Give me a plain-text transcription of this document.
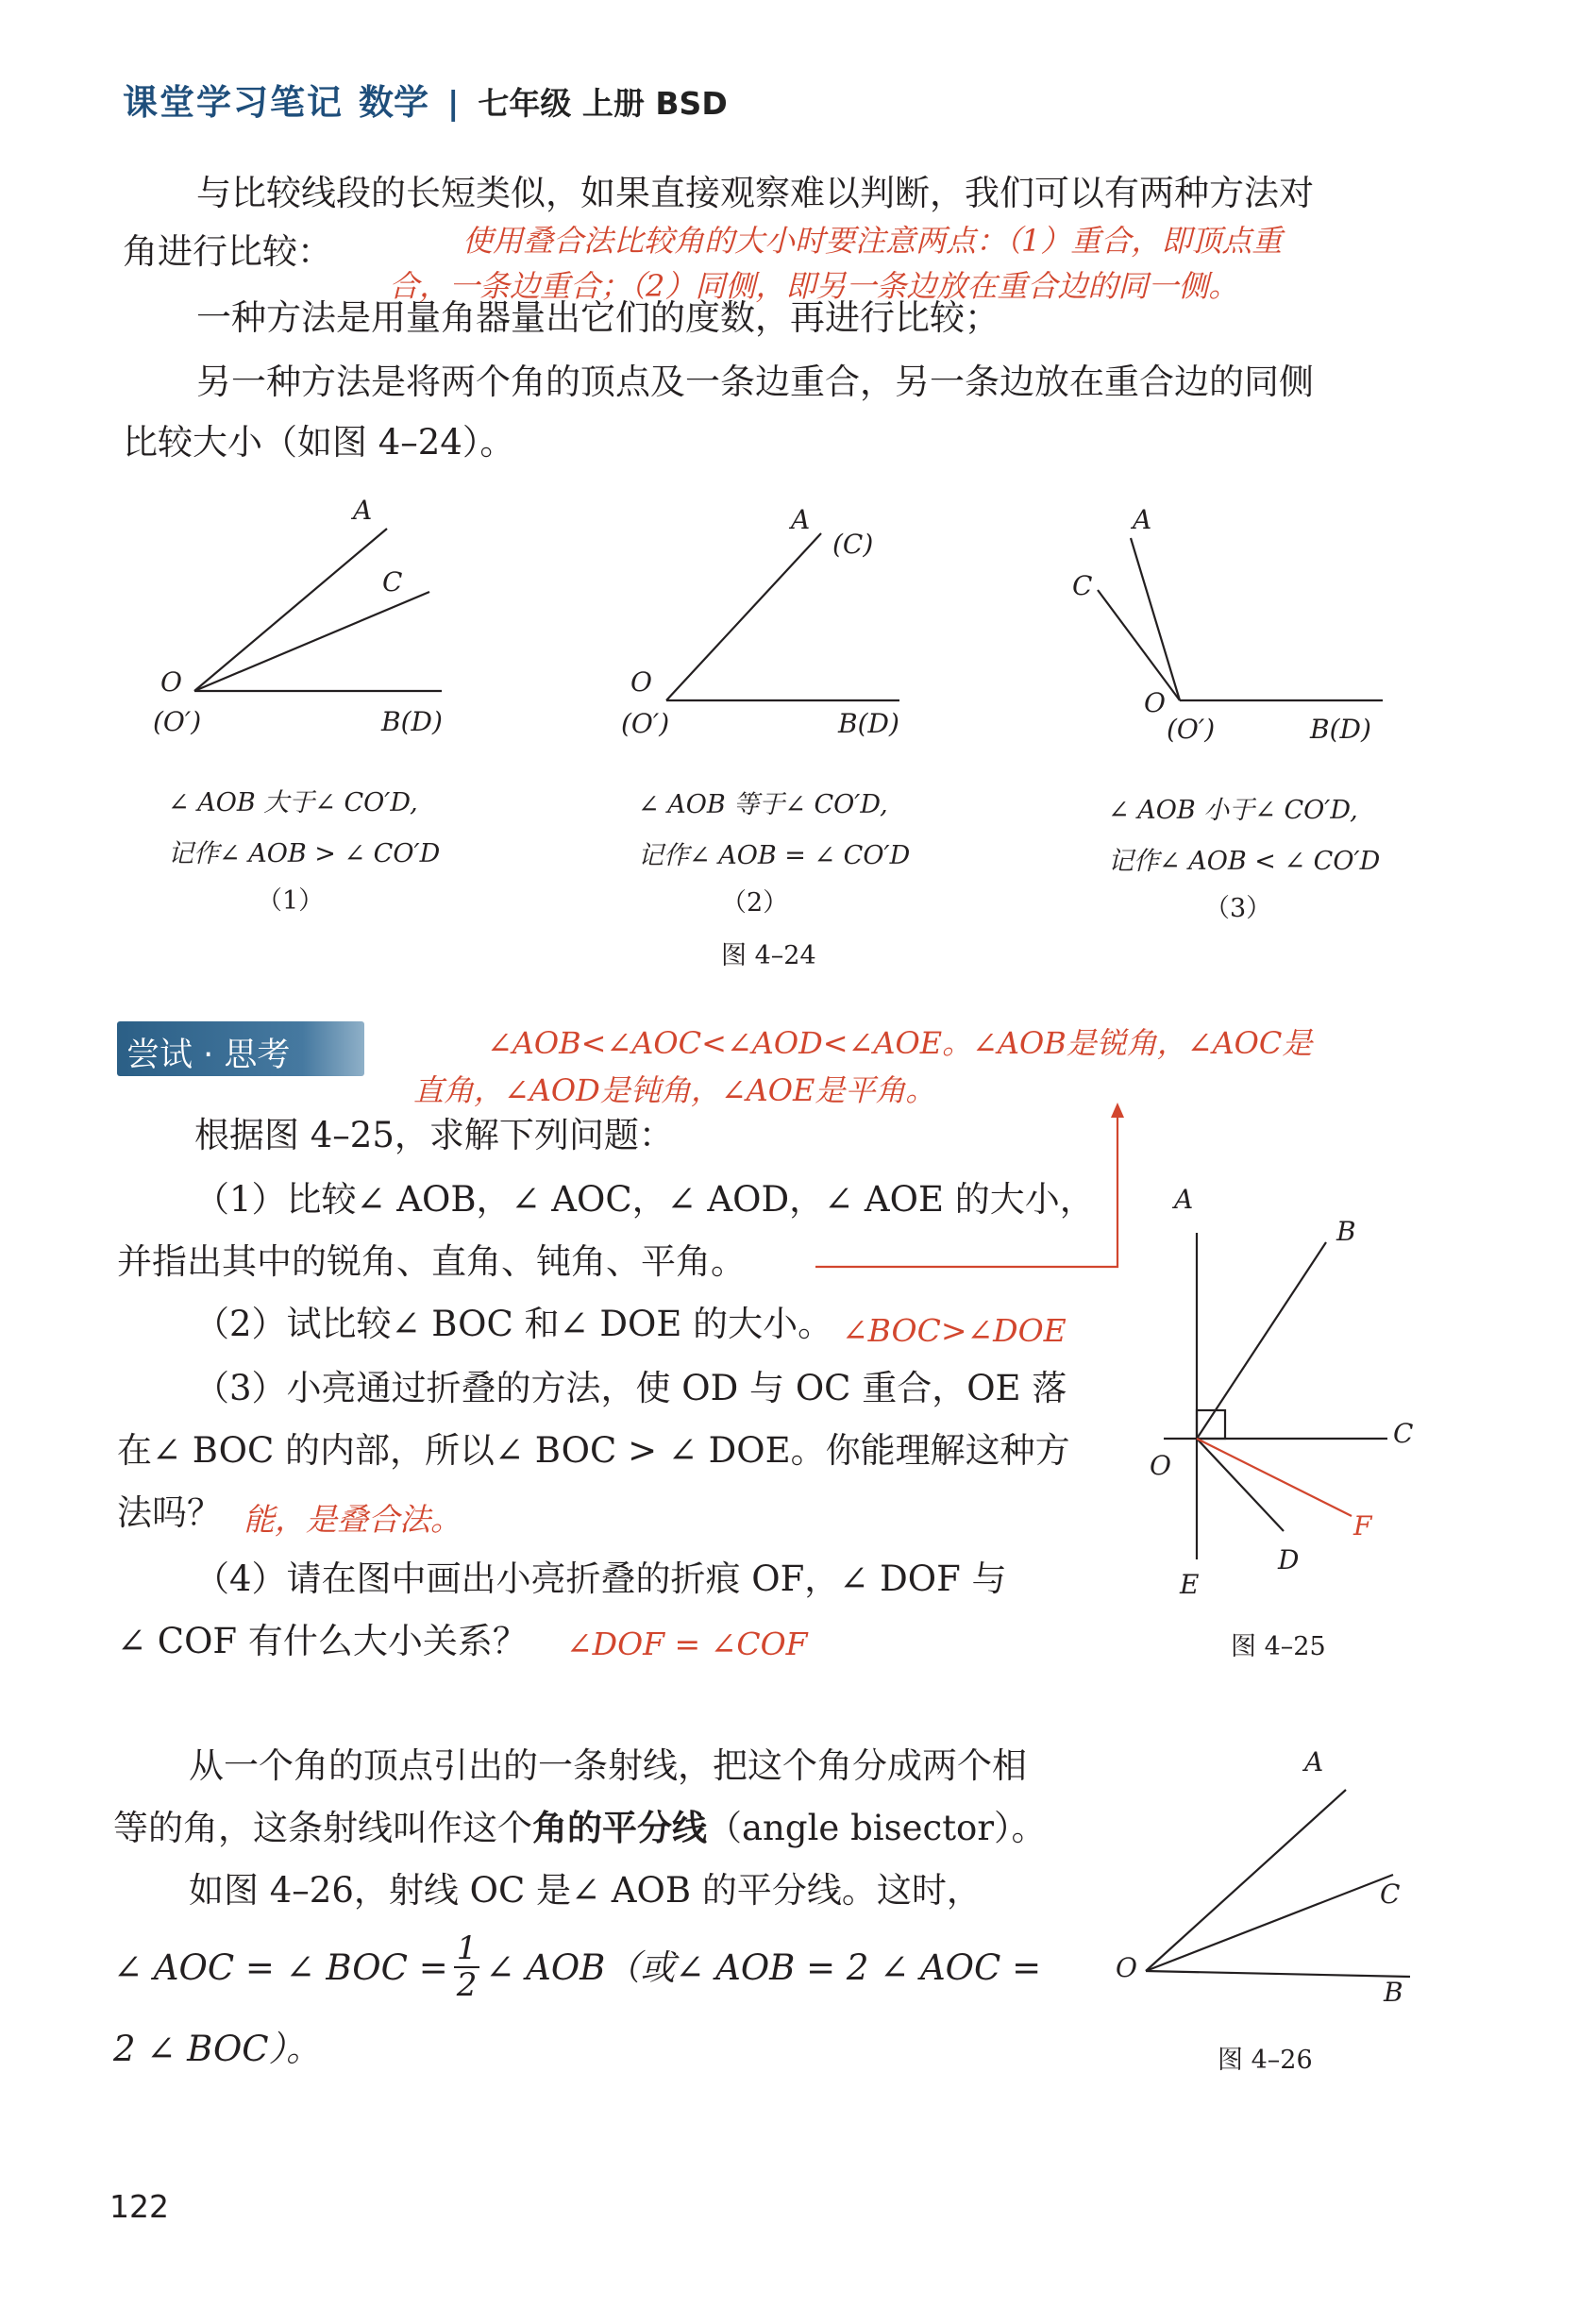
课堂学习笔记 数学 | 七年级 上册 BSD
与比较线段的长短类似，如果直接观察难以判断，我们可以有两种方法对
角进行比较：	使用叠合法比较角的大小时要注意两点：（1）重合，即顶点重
合，一条边重合；（2）同侧，即另一条边放在重合边的同一侧。
一种方法是用量角器量出它们的度数，再进行比较；
另一种方法是将两个角的顶点及一条边重合，另一条边放在重合边的同侧
比较大小（如图 4–24）。
A
C
O
(O′)	B(D)
∠ AOB 大于∠ CO′D,
记作∠ AOB > ∠ CO′D
（1）
A
(C)
O
(O′)	B(D)
∠ AOB 等于∠ CO′D,
记作∠ AOB = ∠ CO′D
（2）
A
C
O
(O′)	B(D)
∠ AOB 小于∠ CO′D,
记作∠ AOB < ∠ CO′D
（3）
图 4–24
尝试 · 思考	∠AOB<∠AOC<∠AOD<∠AOE。∠AOB是锐角，∠AOC是
直角，∠AOD是钝角，∠AOE是平角。
根据图 4–25，求解下列问题：
（1）比较∠ AOB，∠ AOC，∠ AOD，∠ AOE 的大小，
并指出其中的锐角、直角、钝角、平角。
（2）试比较∠ BOC 和∠ DOE 的大小。 ∠BOC>∠DOE
（3）小亮通过折叠的方法，使 OD 与 OC 重合，OE 落
在∠ BOC 的内部，所以∠ BOC > ∠ DOE。你能理解这种方
法吗？ 能，是叠合法。
（4）请在图中画出小亮折叠的折痕 OF，∠ DOF 与
∠ COF 有什么大小关系？ ∠DOF = ∠COF
A
B
C
O
F
D
E
图 4–25
从一个角的顶点引出的一条射线，把这个角分成两个相
等的角，这条射线叫作这个角的平分线（angle bisector）。
如图 4–26，射线 OC 是∠ AOB 的平分线。这时，
∠ AOC = ∠ BOC = $\frac{1}{2}$ ∠ AOB（或∠ AOB = 2 ∠ AOC =
2 ∠ BOC）。
A
C
O
B
图 4–26
122
